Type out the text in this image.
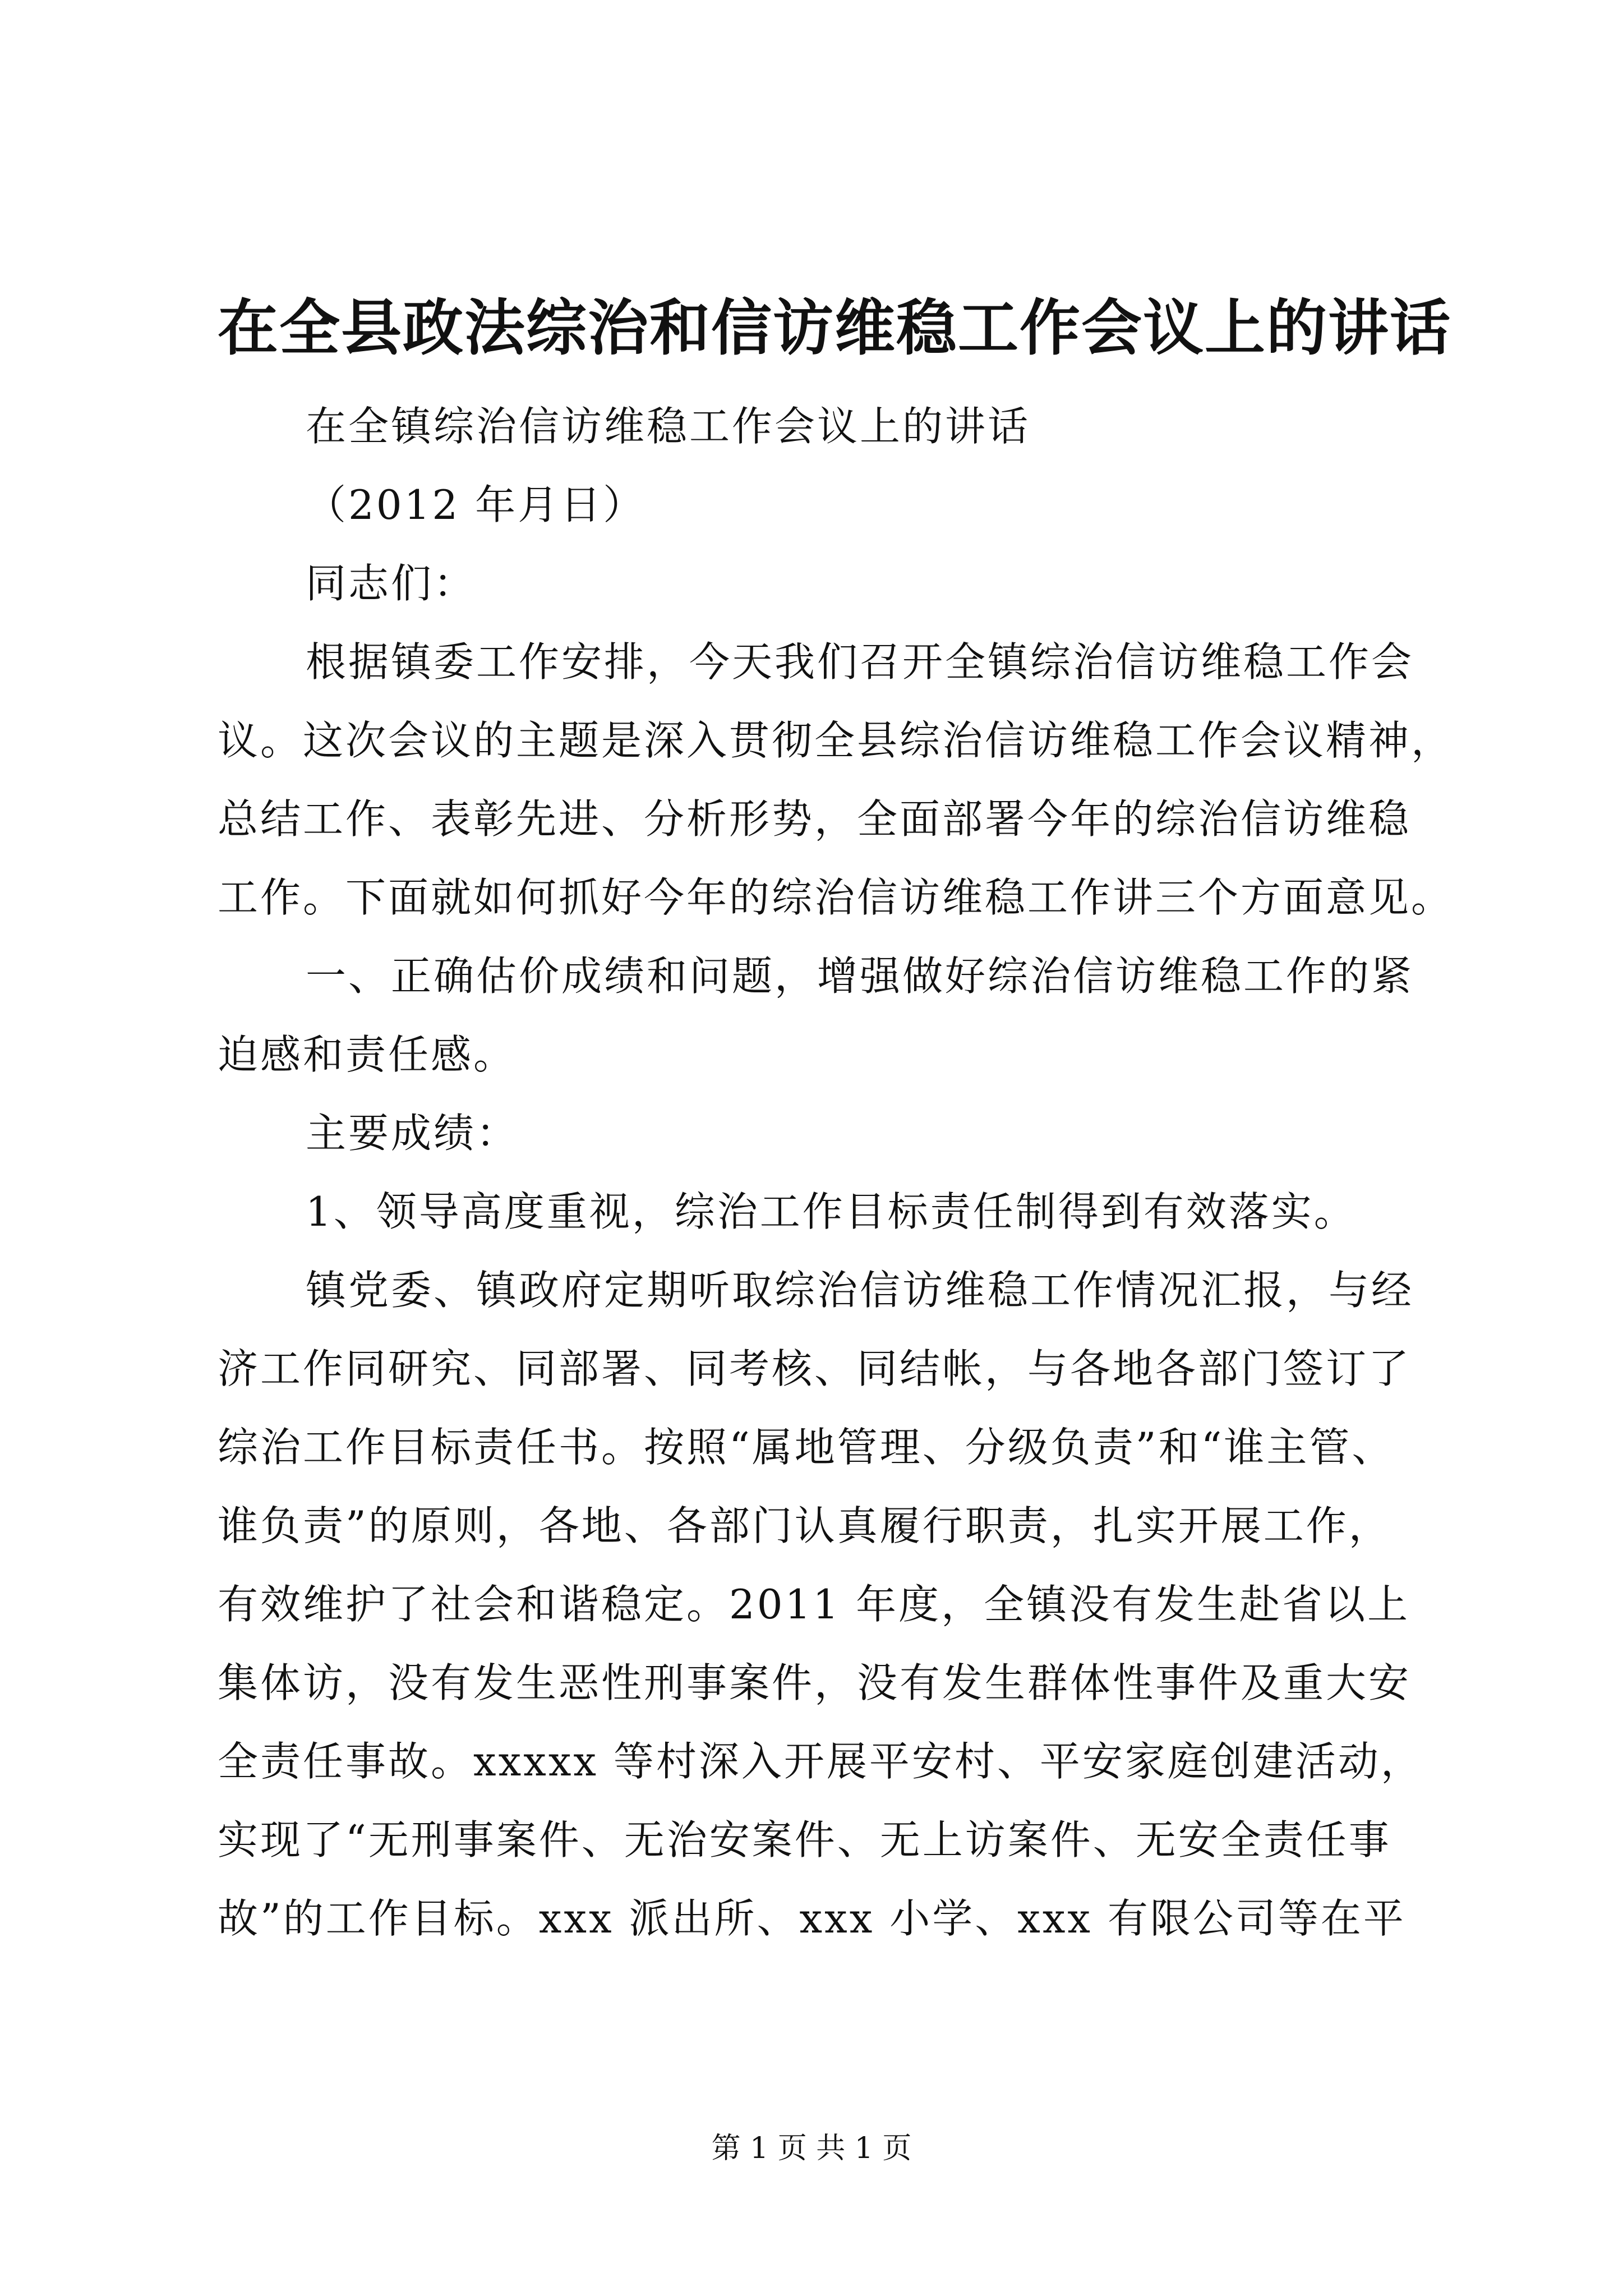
在全县政法综治和信访维稳工作会议上的讲话
在全镇综治信访维稳工作会议上的讲话
（2012 年月日）
同志们：
根据镇委工作安排，今天我们召开全镇综治信访维稳工作会
议。这次会议的主题是深入贯彻全县综治信访维稳工作会议精神，
总结工作、表彰先进、分析形势，全面部署今年的综治信访维稳
工作。下面就如何抓好今年的综治信访维稳工作讲三个方面意见。
一、正确估价成绩和问题，增强做好综治信访维稳工作的紧
迫感和责任感。
主要成绩：
1、领导高度重视，综治工作目标责任制得到有效落实。
镇党委、镇政府定期听取综治信访维稳工作情况汇报，与经
济工作同研究、同部署、同考核、同结帐，与各地各部门签订了
综治工作目标责任书。按照“属地管理、分级负责”和“谁主管、
谁负责”的原则，各地、各部门认真履行职责，扎实开展工作，
有效维护了社会和谐稳定。2011 年度，全镇没有发生赴省以上
集体访，没有发生恶性刑事案件，没有发生群体性事件及重大安
全责任事故。xxxxx 等村深入开展平安村、平安家庭创建活动，
实现了“无刑事案件、无治安案件、无上访案件、无安全责任事
故”的工作目标。xxx 派出所、xxx 小学、xxx 有限公司等在平
第 1 页 共 1 页
